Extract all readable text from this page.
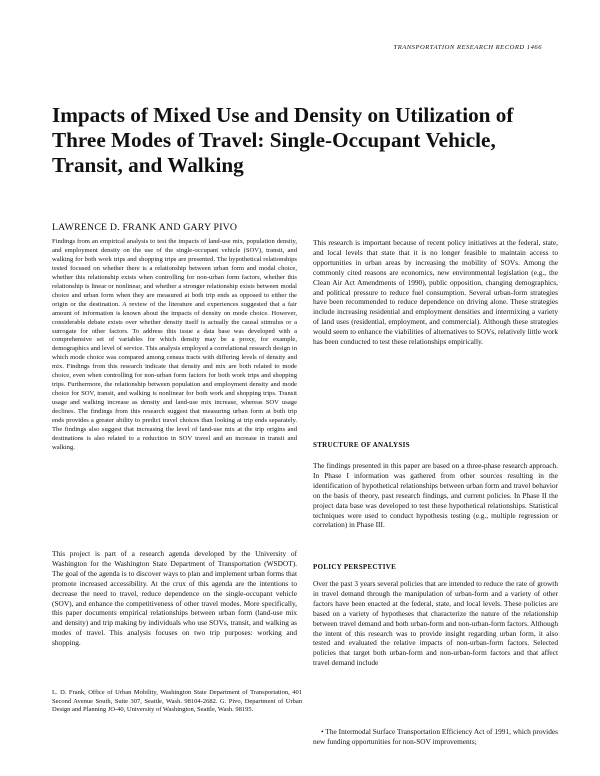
TRANSPORTATION RESEARCH RECORD 1466
Impacts of Mixed Use and Density on Utilization of Three Modes of Travel: Single-Occupant Vehicle, Transit, and Walking
LAWRENCE D. FRANK AND GARY PIVO

Findings from an empirical analysis to test the impacts of land-use mix, population density, and employment density on the use of the single-occupant vehicle (SOV), transit, and walking for both work trips and shopping trips are presented. The hypothetical relationships tested focused on whether there is a relationship between urban form and modal choice, whether this relationship exists when controlling for non-urban form factors, whether this relationship is linear or nonlinear, and whether a stronger relationship exists between modal choice and urban form when they are measured at both trip ends as opposed to either the origin or the destination. A review of the literature and experiences suggested that a fair amount of information is known about the impacts of density on mode choice. However, considerable debate exists over whether density itself is actually the causal stimulus or a surrogate for other factors. To address this issue a data base was developed with a comprehensive set of variables for which density may be a proxy, for example, demographics and level of service. This analysis employed a correlational research design in which mode choice was compared among census tracts with differing levels of density and mix. Findings from this research indicate that density and mix are both related to mode choice, even when controlling for non-urban form factors for both work trips and shopping trips. Furthermore, the relationship between population and employment density and mode choice for SOV, transit, and walking is nonlinear for both work and shopping trips. Transit usage and walking increase as density and land-use mix increase, whereas SOV usage declines. The findings from this research suggest that measuring urban form at both trip ends provides a greater ability to predict travel choices than looking at trip ends separately. The findings also suggest that increasing the level of land-use mix at the trip origins and destinations is also related to a reduction in SOV travel and an increase in transit and walking.

This project is part of a research agenda developed by the University of Washington for the Washington State Department of Transportation (WSDOT). The goal of the agenda is to discover ways to plan and implement urban forms that promote increased accessibility. At the crux of this agenda are the intentions to decrease the need to travel, reduce dependence on the single-occupant vehicle (SOV), and enhance the competitiveness of other travel modes. More specifically, this paper documents empirical relationships between urban form (land-use mix and density) and trip making by individuals who use SOVs, transit, and walking as modes of travel. This analysis focuses on two trip purposes: working and shopping.

L. D. Frank, Office of Urban Mobility, Washington State Department of Transportation, 401 Second Avenue South, Suite 307, Seattle, Wash. 98104-2682. G. Pivo, Department of Urban Design and Planning JO-40, University of Washington, Seattle, Wash. 98195.

This research is important because of recent policy initiatives at the federal, state, and local levels that state that it is no longer feasible to maintain access to opportunities in urban areas by increasing the mobility of SOVs. Among the commonly cited reasons are economics, new environmental legislation (e.g., the Clean Air Act Amendments of 1990), public opposition, changing demographics, and political pressure to reduce fuel consumption. Several urban-form strategies have been recommended to reduce dependence on driving alone. These strategies include increasing residential and employment densities and intermixing a variety of land uses (residential, employment, and commercial). Although these strategies would seem to enhance the viabilities of alternatives to SOVs, relatively little work has been conducted to test these relationships empirically.

STRUCTURE OF ANALYSIS

The findings presented in this paper are based on a three-phase research approach. In Phase I information was gathered from other sources resulting in the identification of hypothetical relationships between urban form and travel behavior on the basis of theory, past research findings, and current policies. In Phase II the project data base was developed to test these hypothetical relationships. Statistical techniques were used to conduct hypothesis testing (e.g., multiple regression or correlation) in Phase III.

POLICY PERSPECTIVE

Over the past 3 years several policies that are intended to reduce the rate of growth in travel demand through the manipulation of urban-form and a variety of other factors have been enacted at the federal, state, and local levels. These policies are based on a variety of hypotheses that characterize the nature of the relationship between travel demand and both urban-form and non-urban-form factors. Although the intent of this research was to provide insight regarding urban form, it also tested and evaluated the relative impacts of non-urban-form factors. Selected policies that target both urban-form and non-urban-form factors and that affect travel demand include

• The Intermodal Surface Transportation Efficiency Act of 1991, which provides new funding opportunities for non-SOV improvements;
